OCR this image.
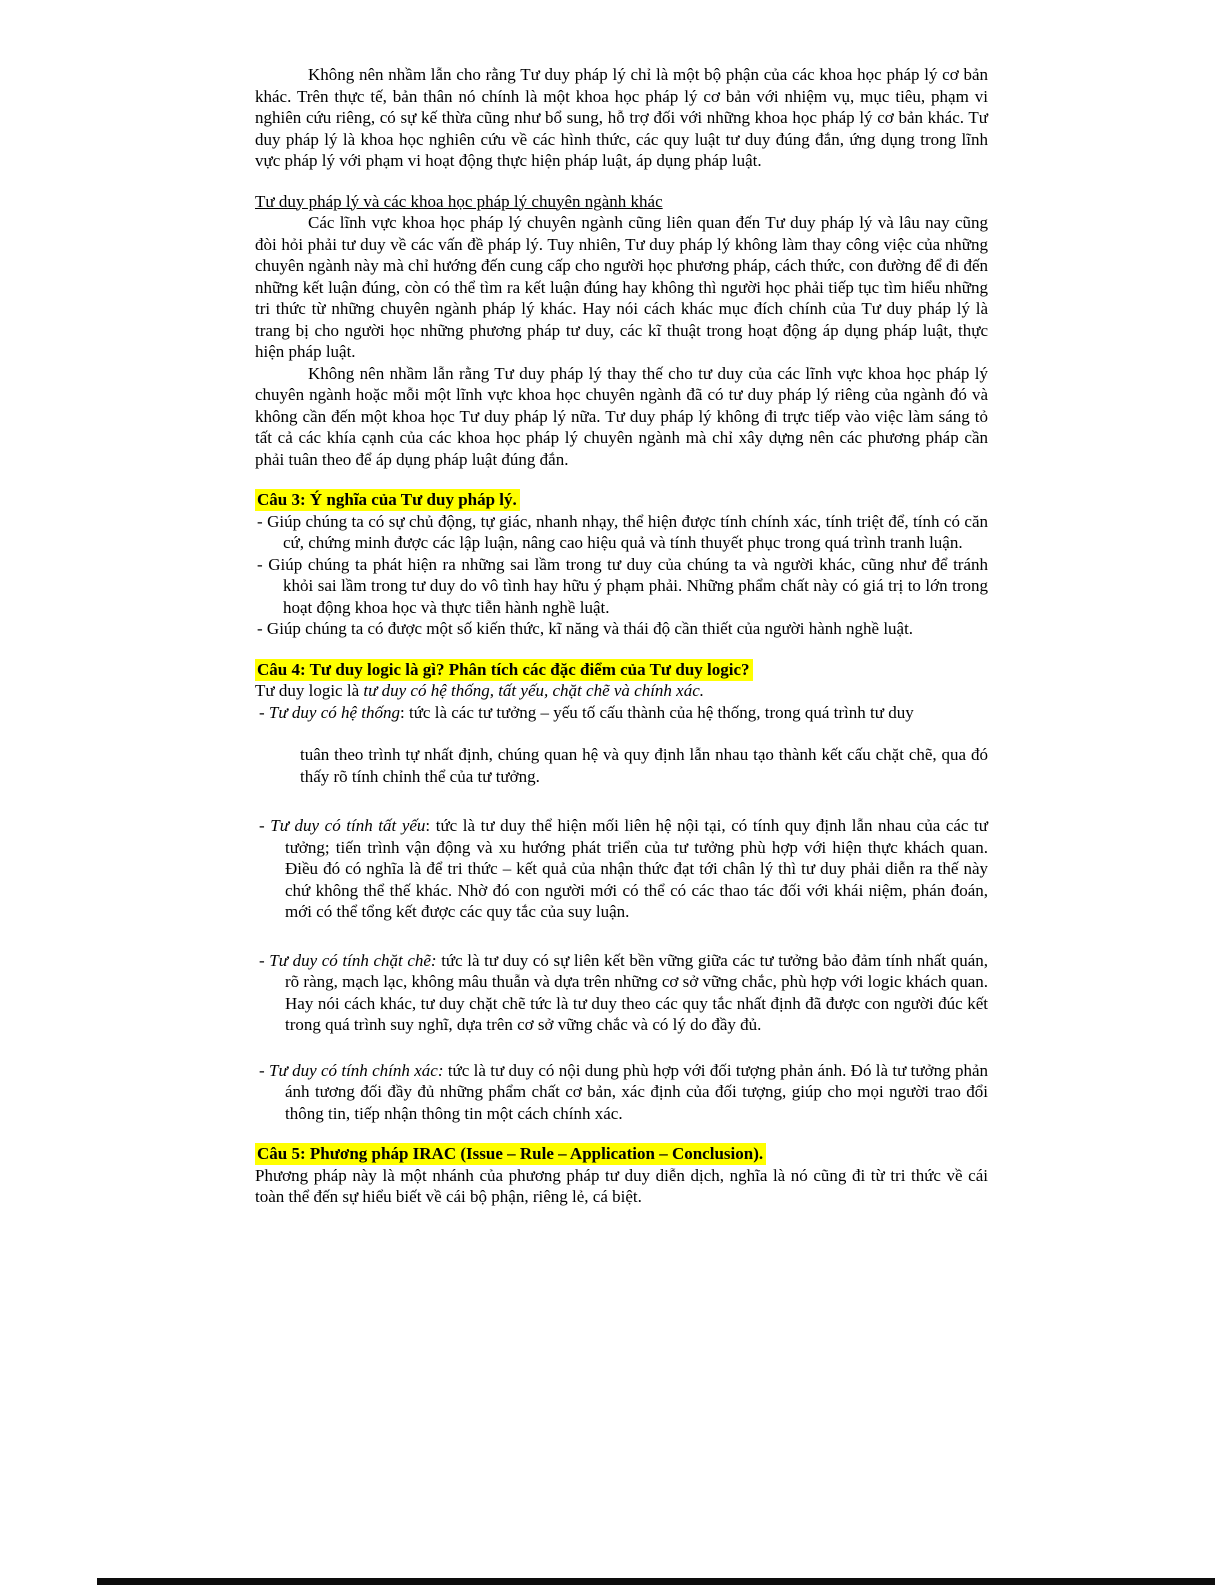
Không nên nhầm lẫn cho rằng Tư duy pháp lý chỉ là một bộ phận của các khoa học pháp lý cơ bản khác. Trên thực tế, bản thân nó chính là một khoa học pháp lý cơ bản với nhiệm vụ, mục tiêu, phạm vi nghiên cứu riêng, có sự kế thừa cũng như bổ sung, hỗ trợ đối với những khoa học pháp lý cơ bản khác. Tư duy pháp lý là khoa học nghiên cứu về các hình thức, các quy luật tư duy đúng đắn, ứng dụng trong lĩnh vực pháp lý với phạm vi hoạt động thực hiện pháp luật, áp dụng pháp luật.

Tư duy pháp lý và các khoa học pháp lý chuyên ngành khác

Các lĩnh vực khoa học pháp lý chuyên ngành cũng liên quan đến Tư duy pháp lý và lâu nay cũng đòi hỏi phải tư duy về các vấn đề pháp lý. Tuy nhiên, Tư duy pháp lý không làm thay công việc của những chuyên ngành này mà chỉ hướng đến cung cấp cho người học phương pháp, cách thức, con đường để đi đến những kết luận đúng, còn có thể tìm ra kết luận đúng hay không thì người học phải tiếp tục tìm hiểu những tri thức từ những chuyên ngành pháp lý khác. Hay nói cách khác mục đích chính của Tư duy pháp lý là trang bị cho người học những phương pháp tư duy, các kĩ thuật trong hoạt động áp dụng pháp luật, thực hiện pháp luật.

Không nên nhầm lẫn rằng Tư duy pháp lý thay thế cho tư duy của các lĩnh vực khoa học pháp lý chuyên ngành hoặc mỗi một lĩnh vực khoa học chuyên ngành đã có tư duy pháp lý riêng của ngành đó và không cần đến một khoa học Tư duy pháp lý nữa. Tư duy pháp lý không đi trực tiếp vào việc làm sáng tỏ tất cả các khía cạnh của các khoa học pháp lý chuyên ngành mà chỉ xây dựng nên các phương pháp cần phải tuân theo để áp dụng pháp luật đúng đắn.

Câu 3: Ý nghĩa của Tư duy pháp lý.
- Giúp chúng ta có sự chủ động, tự giác, nhanh nhạy, thể hiện được tính chính xác, tính triệt để, tính có căn cứ, chứng minh được các lập luận, nâng cao hiệu quả và tính thuyết phục trong quá trình tranh luận.
- Giúp chúng ta phát hiện ra những sai lầm trong tư duy của chúng ta và người khác, cũng như để tránh khỏi sai lầm trong tư duy do vô tình hay hữu ý phạm phải. Những phẩm chất này có giá trị to lớn trong hoạt động khoa học và thực tiễn hành nghề luật.
- Giúp chúng ta có được một số kiến thức, kĩ năng và thái độ cần thiết của người hành nghề luật.
Câu 4: Tư duy logic là gì? Phân tích các đặc điểm của Tư duy logic?

Tư duy logic là tư duy có hệ thống, tất yếu, chặt chẽ và chính xác.

- Tư duy có hệ thống: tức là các tư tưởng – yếu tố cấu thành của hệ thống, trong quá trình tư duy

tuân theo trình tự nhất định, chúng quan hệ và quy định lẫn nhau tạo thành kết cấu chặt chẽ, qua đó thấy rõ tính chỉnh thể của tư tưởng.

- Tư duy có tính tất yếu: tức là tư duy thể hiện mối liên hệ nội tại, có tính quy định lẫn nhau của các tư tưởng; tiến trình vận động và xu hướng phát triển của tư tưởng phù hợp với hiện thực khách quan. Điều đó có nghĩa là để tri thức – kết quả của nhận thức đạt tới chân lý thì tư duy phải diễn ra thế này chứ không thể thế khác. Nhờ đó con người mới có thể có các thao tác đối với khái niệm, phán đoán, mới có thể tổng kết được các quy tắc của suy luận.
- Tư duy có tính chặt chẽ: tức là tư duy có sự liên kết bền vững giữa các tư tưởng bảo đảm tính nhất quán, rõ ràng, mạch lạc, không mâu thuẫn và dựa trên những cơ sở vững chắc, phù hợp với logic khách quan. Hay nói cách khác, tư duy chặt chẽ tức là tư duy theo các quy tắc nhất định đã được con người đúc kết trong quá trình suy nghĩ, dựa trên cơ sở vững chắc và có lý do đầy đủ.
- Tư duy có tính chính xác: tức là tư duy có nội dung phù hợp với đối tượng phản ánh. Đó là tư tưởng phản ánh tương đối đầy đủ những phẩm chất cơ bản, xác định của đối tượng, giúp cho mọi người trao đổi thông tin, tiếp nhận thông tin một cách chính xác.
Câu 5: Phương pháp IRAC (Issue – Rule – Application – Conclusion).

Phương pháp này là một nhánh của phương pháp tư duy diễn dịch, nghĩa là nó cũng đi từ tri thức về cái toàn thể đến sự hiểu biết về cái bộ phận, riêng lẻ, cá biệt.
